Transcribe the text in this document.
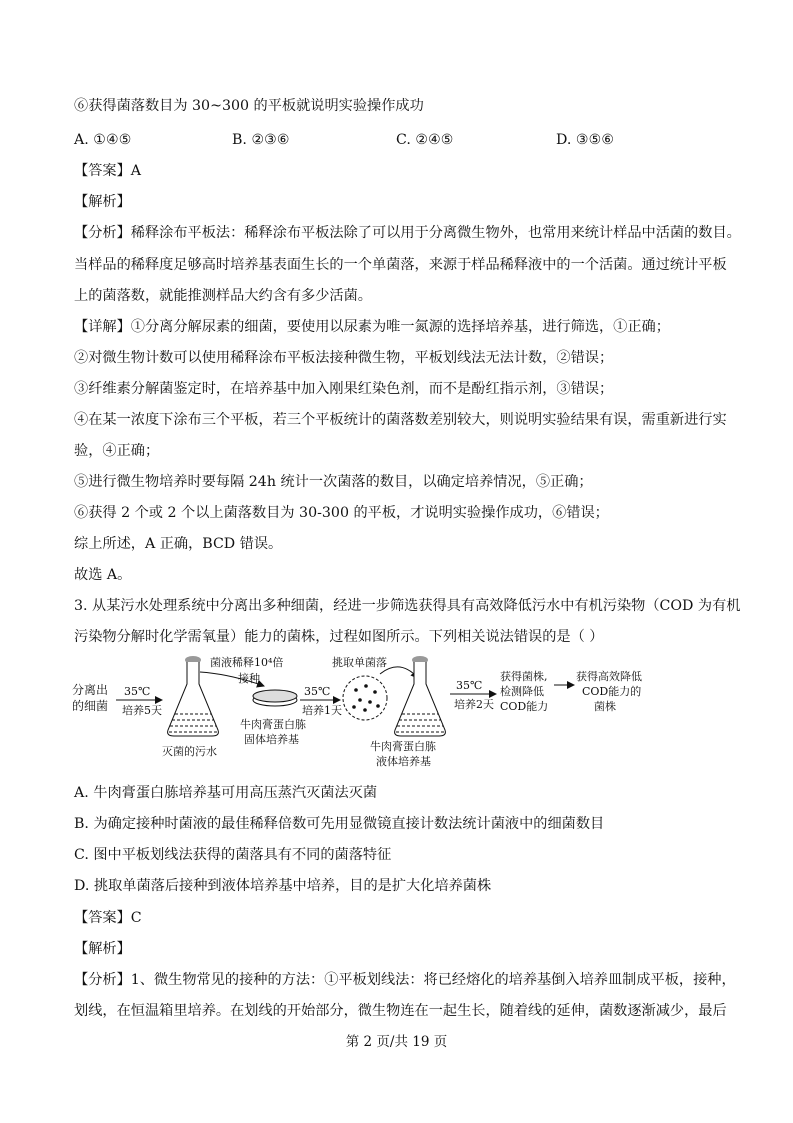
⑥获得菌落数目为 30~300 的平板就说明实验操作成功
A. ①④⑤	B. ②③⑥	C. ②④⑤	D. ③⑤⑥
【答案】A
【解析】
【分析】稀释涂布平板法：稀释涂布平板法除了可以用于分离微生物外，也常用来统计样品中活菌的数目。
当样品的稀释度足够高时培养基表面生长的一个单菌落，来源于样品稀释液中的一个活菌。通过统计平板
上的菌落数，就能推测样品大约含有多少活菌。
【详解】①分离分解尿素的细菌，要使用以尿素为唯一氮源的选择培养基，进行筛选，①正确；
②对微生物计数可以使用稀释涂布平板法接种微生物，平板划线法无法计数，②错误；
③纤维素分解菌鉴定时，在培养基中加入刚果红染色剂，而不是酚红指示剂，③错误；
④在某一浓度下涂布三个平板，若三个平板统计的菌落数差别较大，则说明实验结果有误，需重新进行实
验，④正确；
⑤进行微生物培养时要每隔 24h 统计一次菌落的数目，以确定培养情况，⑤正确；
⑥获得 2 个或 2 个以上菌落数目为 30-300 的平板，才说明实验操作成功，⑥错误；
综上所述，A 正确，BCD 错误。
故选 A。
3. 从某污水处理系统中分离出多种细菌，经进一步筛选获得具有高效降低污水中有机污染物（COD 为有机
污染物分解时化学需氧量）能力的菌株，过程如图所示。下列相关说法错误的是（ ）
分离出
的细菌
35℃
培养5天
灭菌的污水
菌液稀释10⁴倍
接种
牛肉膏蛋白胨
固体培养基
35℃
培养1天
挑取单菌落
牛肉膏蛋白胨
液体培养基
35℃
培养2天
获得菌株,
检测降低
COD能力
获得高效降低
COD能力的
菌株
A. 牛肉膏蛋白胨培养基可用高压蒸汽灭菌法灭菌
B. 为确定接种时菌液的最佳稀释倍数可先用显微镜直接计数法统计菌液中的细菌数目
C. 图中平板划线法获得的菌落具有不同的菌落特征
D. 挑取单菌落后接种到液体培养基中培养，目的是扩大化培养菌株
【答案】C
【解析】
【分析】1、微生物常见的接种的方法：①平板划线法：将已经熔化的培养基倒入培养皿制成平板，接种，
划线，在恒温箱里培养。在划线的开始部分，微生物连在一起生长，随着线的延伸，菌数逐渐减少，最后
第 2 页/共 19 页
